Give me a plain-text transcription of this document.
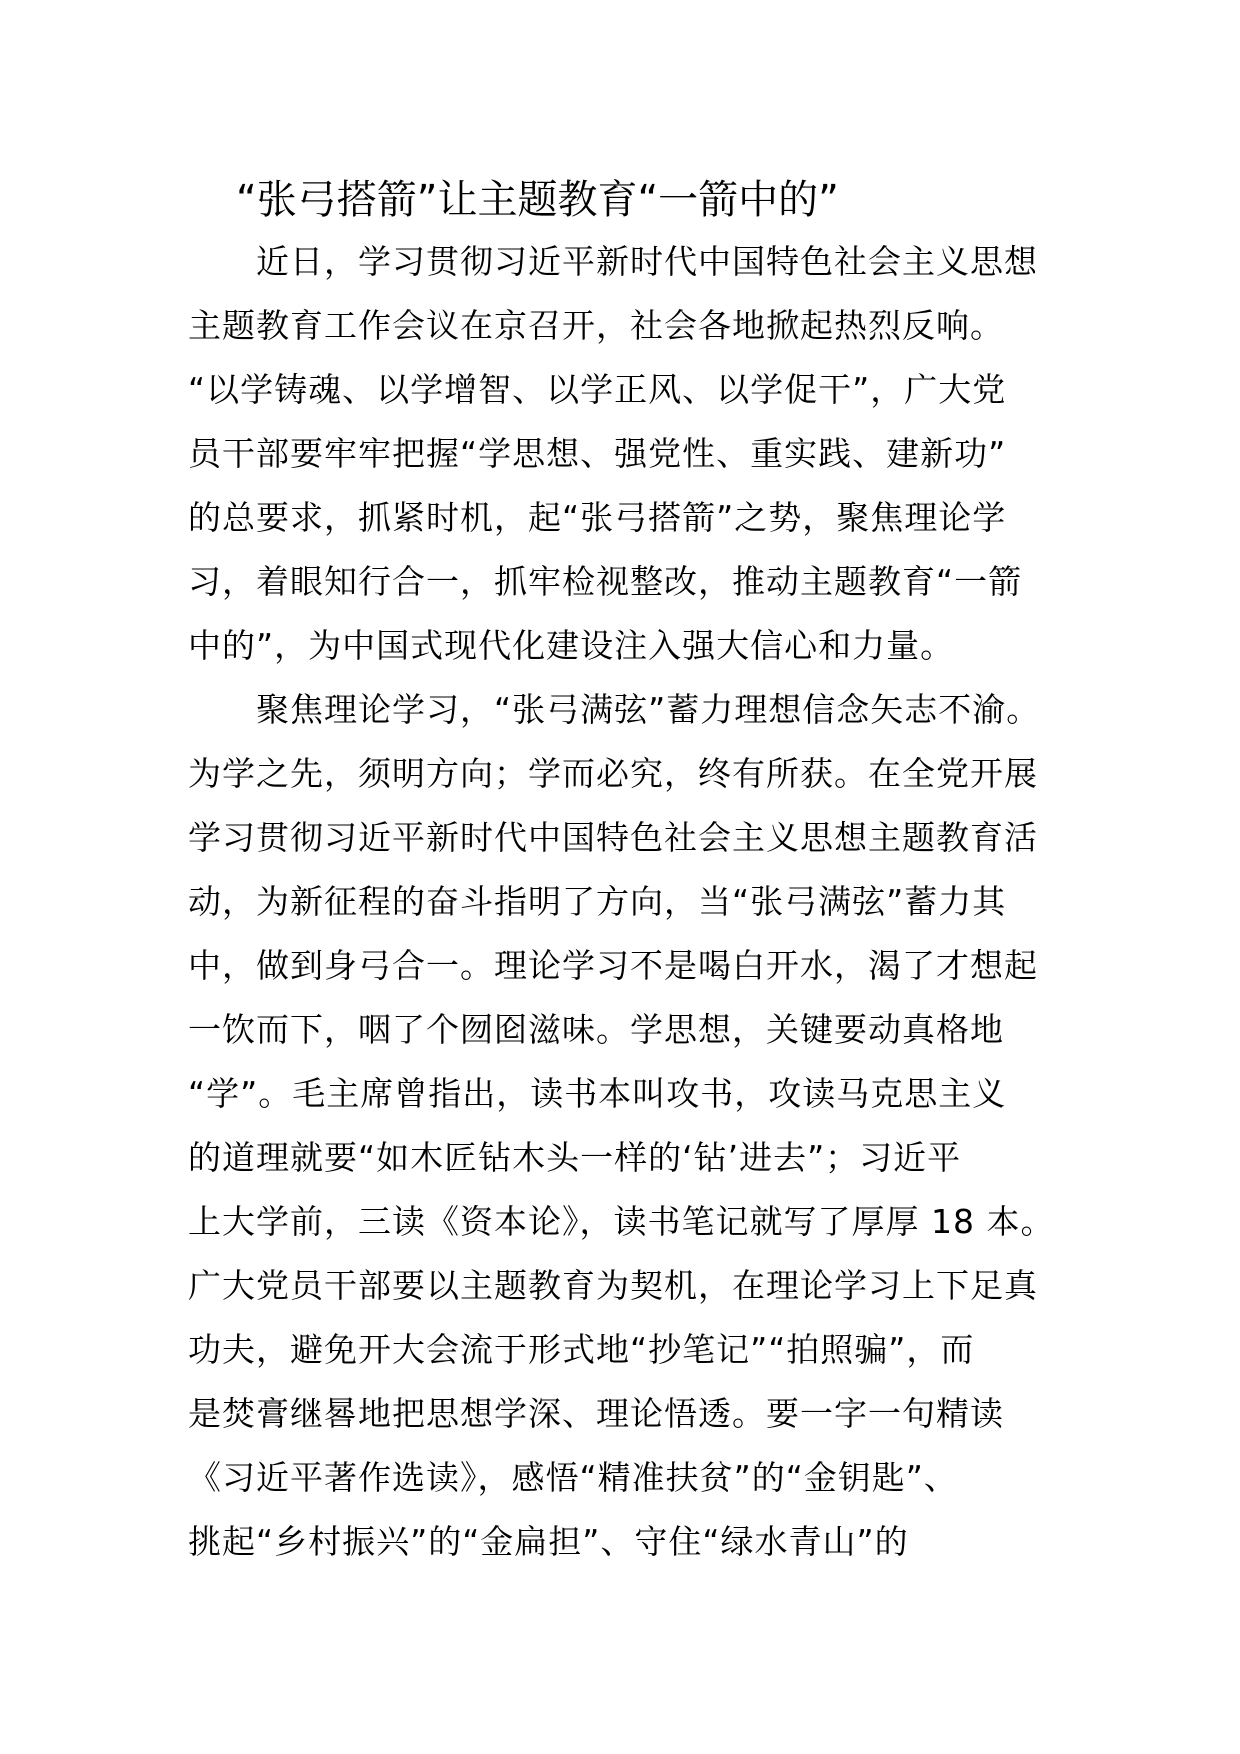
“张弓搭箭”让主题教育“一箭中的”
近日，学习贯彻习近平新时代中国特色社会主义思想
主题教育工作会议在京召开，社会各地掀起热烈反响。
“以学铸魂、以学增智、以学正风、以学促干”，广大党
员干部要牢牢把握“学思想、强党性、重实践、建新功”
的总要求，抓紧时机，起“张弓搭箭”之势，聚焦理论学
习，着眼知行合一，抓牢检视整改，推动主题教育“一箭
中的”，为中国式现代化建设注入强大信心和力量。
聚焦理论学习，“张弓满弦”蓄力理想信念矢志不渝。
为学之先，须明方向；学而必究，终有所获。在全党开展
学习贯彻习近平新时代中国特色社会主义思想主题教育活
动，为新征程的奋斗指明了方向，当“张弓满弦”蓄力其
中，做到身弓合一。理论学习不是喝白开水，渴了才想起
一饮而下，咽了个囫囵滋味。学思想，关键要动真格地
“学”。毛主席曾指出，读书本叫攻书，攻读马克思主义
的道理就要“如木匠钻木头一样的‘钻’进去”；习近平
上大学前，三读《资本论》，读书笔记就写了厚厚 18 本。
广大党员干部要以主题教育为契机，在理论学习上下足真
功夫，避免开大会流于形式地“抄笔记”“拍照骗”，而
是焚膏继晷地把思想学深、理论悟透。要一字一句精读
《习近平著作选读》，感悟“精准扶贫”的“金钥匙”、
挑起“乡村振兴”的“金扁担”、守住“绿水青山”的
